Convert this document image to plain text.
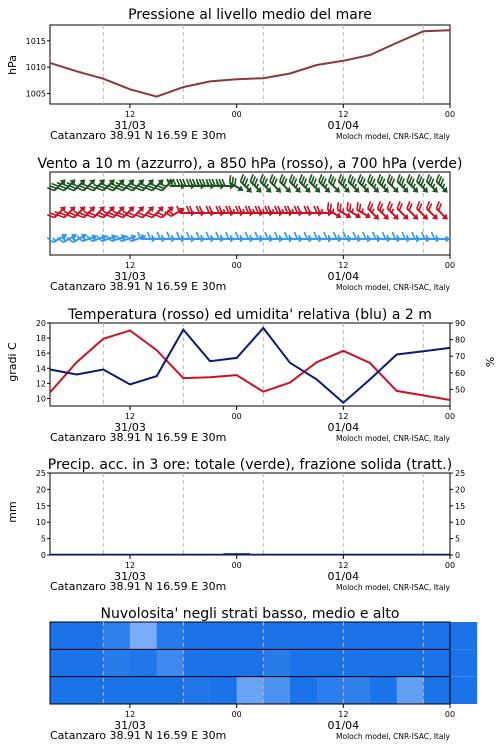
Pressione al livello medio del mare
Vento a 10 m (azzurro), a 850 hPa (rosso), a 700 hPa (verde)
Temperatura (rosso) ed umidita' relativa (blu) a 2 m
Precip. acc. in 3 ore: totale (verde), frazione solida (tratt.)
Nuvolosita' negli strati basso, medio e alto
hPa
gradi C	%
mm
12
31/03
00	12
01/04
00
Catanzaro 38.91 N 16.59 E 30m	Moloch model, CNR-ISAC, Italy
1005
1010
1015
12
31/03
00	12
01/04
00
Catanzaro 38.91 N 16.59 E 30m	Moloch model, CNR-ISAC, Italy
12
31/03
00	12
01/04
00
Catanzaro 38.91 N 16.59 E 30m	Moloch model, CNR-ISAC, Italy
10
12
14
16
18
20
50
60
70
80
90
12
31/03
00	12
01/04
00
Catanzaro 38.91 N 16.59 E 30m	Moloch model, CNR-ISAC, Italy
0	0
5	5
10	10
15	15
20	20
25	25
12
31/03
00	12
01/04
00
Catanzaro 38.91 N 16.59 E 30m	Moloch model, CNR-ISAC, Italy
